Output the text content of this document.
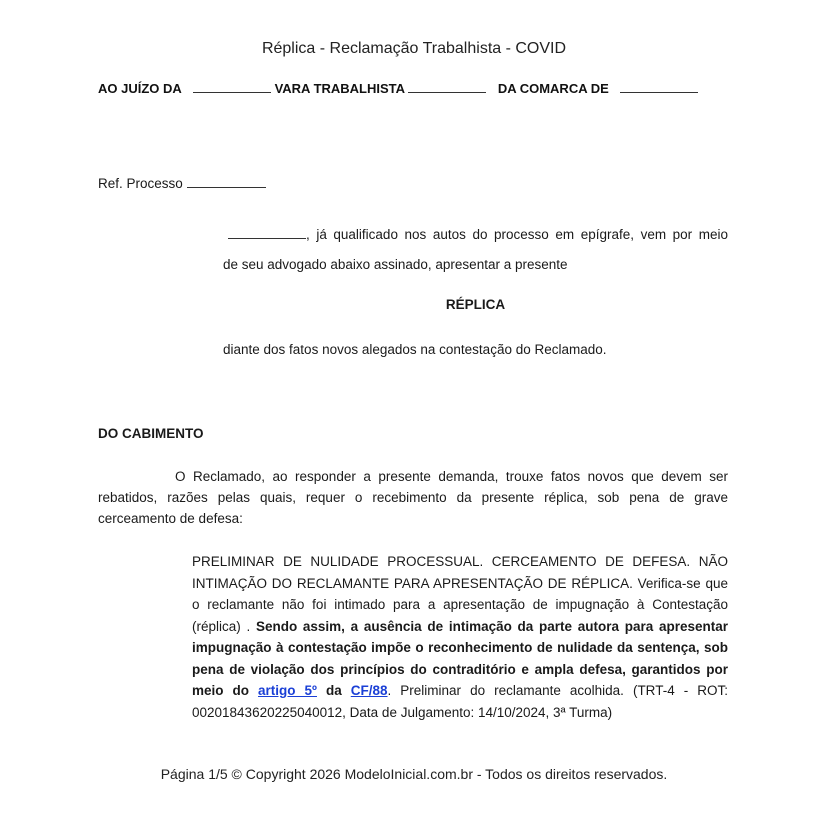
Réplica - Reclamação Trabalhista - COVID
AO JUÍZO DA	VARA TRABALHISTA	DA COMARCA DE
Ref. Processo
, já qualificado nos autos do processo em epígrafe, vem por meio
de seu advogado abaixo assinado, apresentar a presente
RÉPLICA
diante dos fatos novos alegados na contestação do Reclamado.
DO CABIMENTO
O Reclamado, ao responder a presente demanda, trouxe fatos novos que devem ser rebatidos, razões pelas quais, requer o recebimento da presente réplica, sob pena de grave cerceamento de defesa:
PRELIMINAR DE NULIDADE PROCESSUAL. CERCEAMENTO DE DEFESA. NÃO INTIMAÇÃO DO RECLAMANTE PARA APRESENTAÇÃO DE RÉPLICA. Verifica-se que o reclamante não foi intimado para a apresentação de impugnação à Contestação (réplica) . Sendo assim, a ausência de intimação da parte autora para apresentar impugnação à contestação impõe o reconhecimento de nulidade da sentença, sob pena de violação dos princípios do contraditório e ampla defesa, garantidos por meio do artigo 5º da CF/88. Preliminar do reclamante acolhida. (TRT-4 - ROT: 00201843620225040012, Data de Julgamento: 14/10/2024, 3ª Turma)
Página 1/5 © Copyright 2026 ModeloInicial.com.br - Todos os direitos reservados.
